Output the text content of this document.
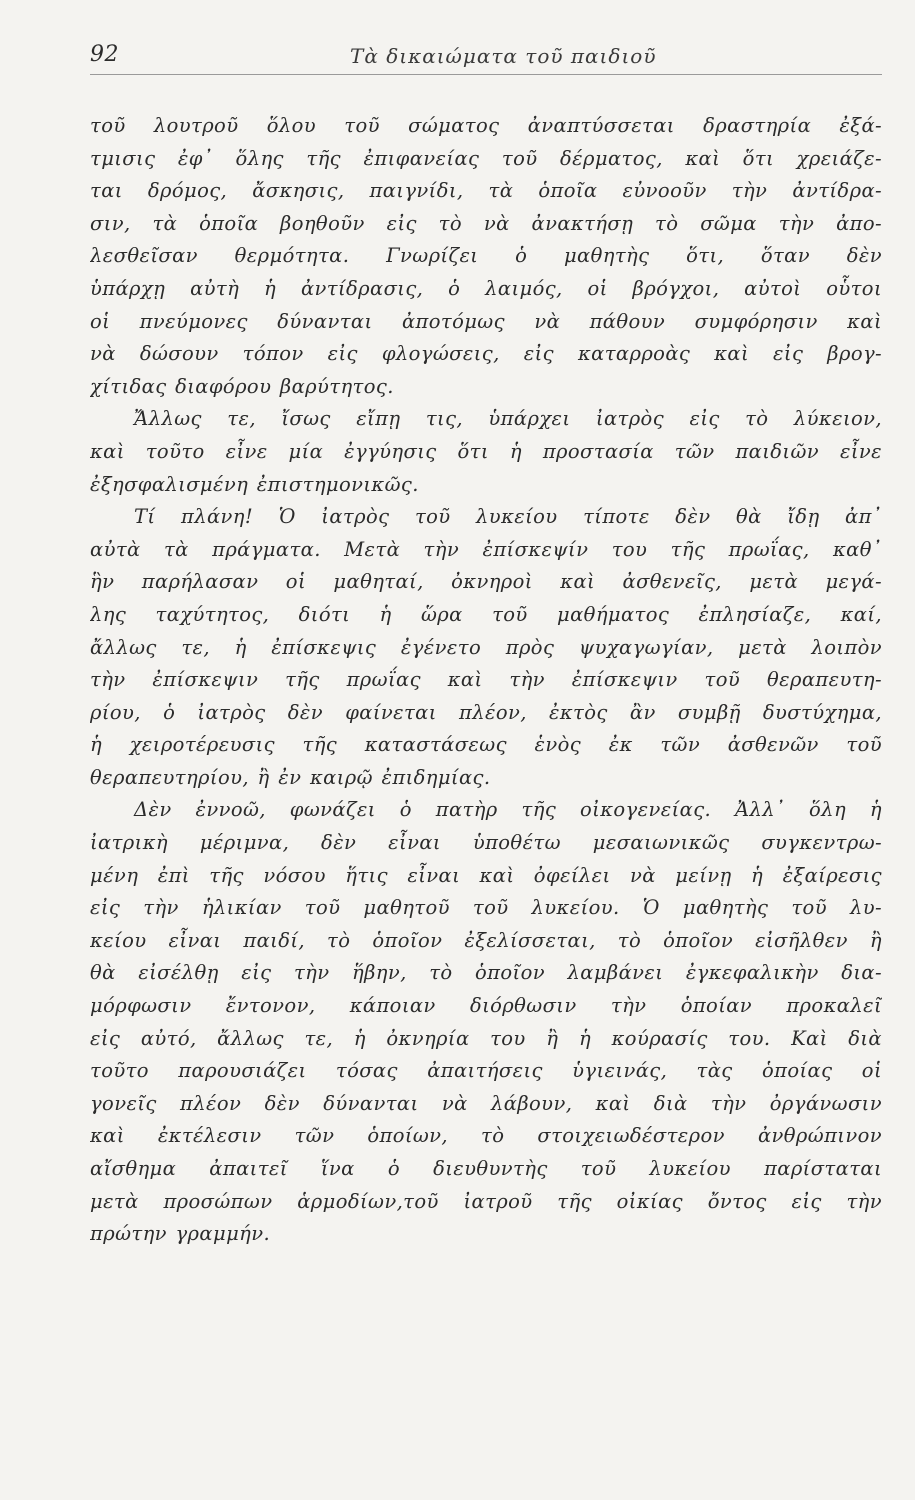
92	Τὰ δικαιώματα τοῦ παιδιοῦ
τοῦ λουτροῦ ὅλου τοῦ σώματος ἀναπτύσσεται δραστηρία ἐξά-
τμισις ἐφ᾽ ὅλης τῆς ἐπιφανείας τοῦ δέρματος, καὶ ὅτι χρειάζε-
ται δρόμος, ἄσκησις, παιγνίδι, τὰ ὁποῖα εὐνοοῦν τὴν ἀντίδρα-
σιν, τὰ ὁποῖα βοηθοῦν εἰς τὸ νὰ ἀνακτήσῃ τὸ σῶμα τὴν ἀπο-
λεσθεῖσαν θερμότητα. Γνωρίζει ὁ μαθητὴς ὅτι, ὅταν δὲν
ὑπάρχῃ αὐτὴ ἡ ἀντίδρασις, ὁ λαιμός, οἱ βρόγχοι, αὐτοὶ οὗτοι
οἱ πνεύμονες δύνανται ἀποτόμως νὰ πάθουν συμφόρησιν καὶ
νὰ δώσουν τόπον εἰς φλογώσεις, εἰς καταρροὰς καὶ εἰς βρογ-
χίτιδας διαφόρου βαρύτητος.
Ἄλλως τε, ἴσως εἴπῃ τις, ὑπάρχει ἰατρὸς εἰς τὸ λύκειον,
καὶ τοῦτο εἶνε μία ἐγγύησις ὅτι ἡ προστασία τῶν παιδιῶν εἶνε
ἐξησφαλισμένη ἐπιστημονικῶς.
Τί πλάνη! Ὁ ἰατρὸς τοῦ λυκείου τίποτε δὲν θὰ ἴδῃ ἀπ᾽
αὐτὰ τὰ πράγματα. Μετὰ τὴν ἐπίσκεψίν του τῆς πρωΐας, καθ᾽
ἣν παρήλασαν οἱ μαθηταί, ὀκνηροὶ καὶ ἀσθενεῖς, μετὰ μεγά-
λης ταχύτητος, διότι ἡ ὥρα τοῦ μαθήματος ἐπλησίαζε, καί,
ἄλλως τε, ἡ ἐπίσκεψις ἐγένετο πρὸς ψυχαγωγίαν, μετὰ λοιπὸν
τὴν ἐπίσκεψιν τῆς πρωΐας καὶ τὴν ἐπίσκεψιν τοῦ θεραπευτη-
ρίου, ὁ ἰατρὸς δὲν φαίνεται πλέον, ἐκτὸς ἂν συμβῇ δυστύχημα,
ἡ χειροτέρευσις τῆς καταστάσεως ἑνὸς ἐκ τῶν ἀσθενῶν τοῦ
θεραπευτηρίου, ἢ ἐν καιρῷ ἐπιδημίας.
Δὲν ἐννοῶ, φωνάζει ὁ πατὴρ τῆς οἰκογενείας. Ἀλλ᾽ ὅλη ἡ
ἰατρικὴ μέριμνα, δὲν εἶναι ὑποθέτω μεσαιωνικῶς συγκεντρω-
μένη ἐπὶ τῆς νόσου ἥτις εἶναι καὶ ὀφείλει νὰ μείνῃ ἡ ἐξαίρεσις
εἰς τὴν ἡλικίαν τοῦ μαθητοῦ τοῦ λυκείου. Ὁ μαθητὴς τοῦ λυ-
κείου εἶναι παιδί, τὸ ὁποῖον ἐξελίσσεται, τὸ ὁποῖον εἰσῆλθεν ἢ
θὰ εἰσέλθῃ εἰς τὴν ἥβην, τὸ ὁποῖον λαμβάνει ἐγκεφαλικὴν δια-
μόρφωσιν ἔντονον, κάποιαν διόρθωσιν τὴν ὁποίαν προκαλεῖ
εἰς αὐτό, ἄλλως τε, ἡ ὀκνηρία του ἢ ἡ κούρασίς του. Καὶ διὰ
τοῦτο παρουσιάζει τόσας ἀπαιτήσεις ὑγιεινάς, τὰς ὁποίας οἱ
γονεῖς πλέον δὲν δύνανται νὰ λάβουν, καὶ διὰ τὴν ὀργάνωσιν
καὶ ἐκτέλεσιν τῶν ὁποίων, τὸ στοιχειωδέστερον ἀνθρώπινον
αἴσθημα ἀπαιτεῖ ἵνα ὁ διευθυντὴς τοῦ λυκείου παρίσταται
μετὰ προσώπων ἁρμοδίων,τοῦ ἰατροῦ τῆς οἰκίας ὄντος εἰς τὴν
πρώτην γραμμήν.
